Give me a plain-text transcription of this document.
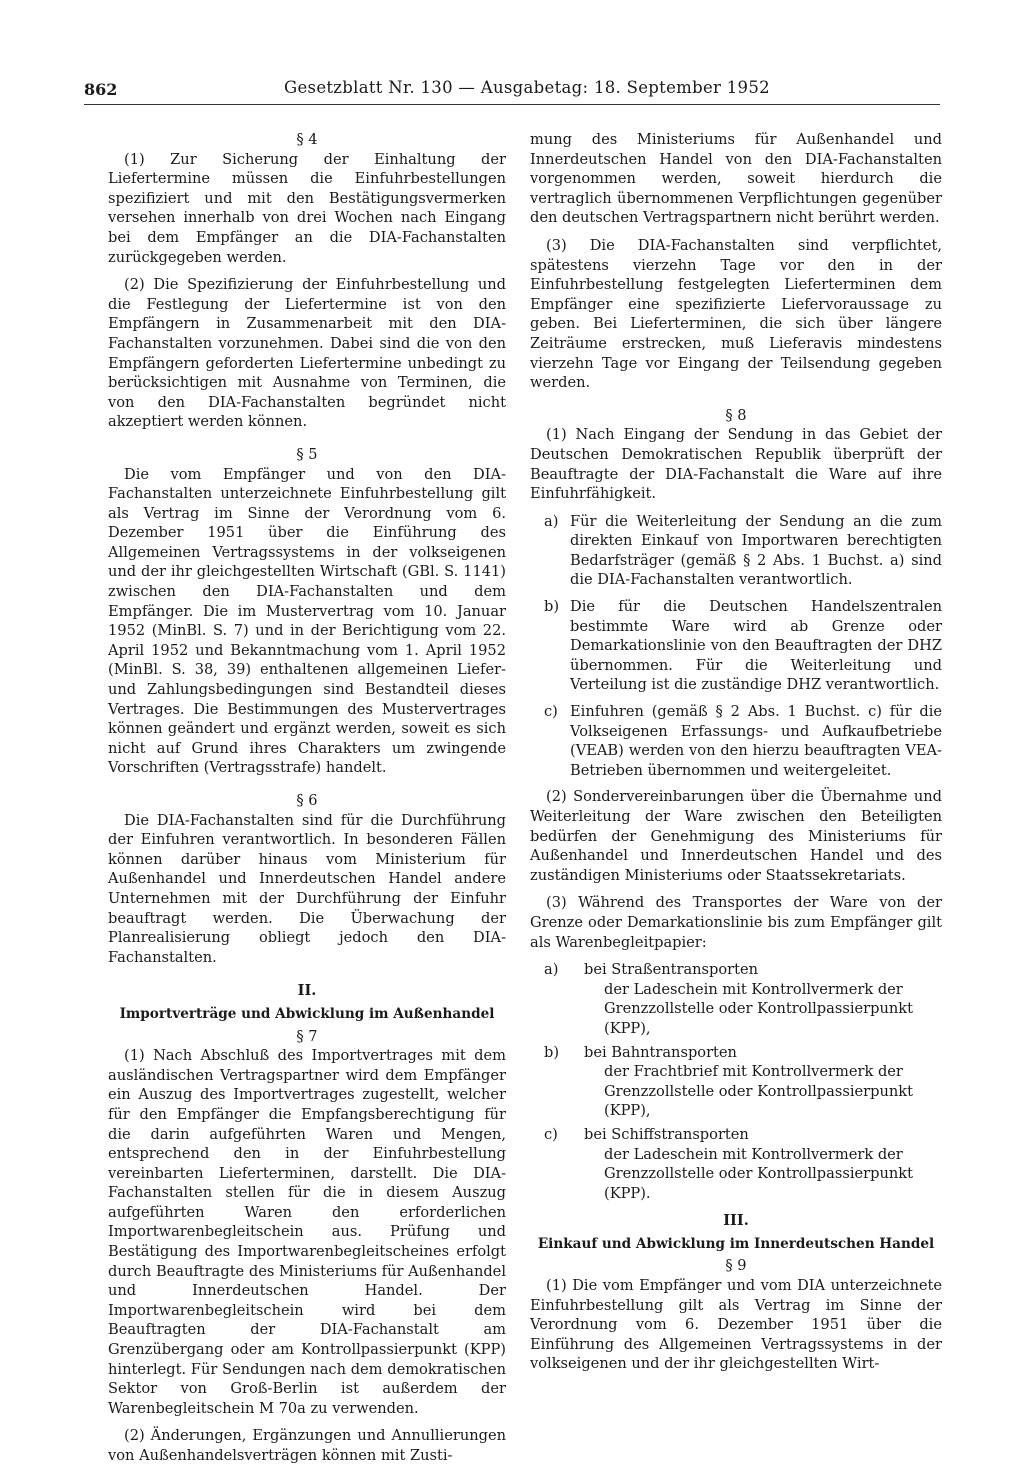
862	Gesetzblatt Nr. 130 — Ausgabetag: 18. September 1952
§ 4

(1) Zur Sicherung der Einhaltung der Liefertermine müssen die Einfuhrbestellungen spezifiziert und mit den Bestätigungsvermerken versehen innerhalb von drei Wochen nach Eingang bei dem Empfänger an die DIA-Fachanstalten zurückgegeben werden.

(2) Die Spezifizierung der Einfuhrbestellung und die Festlegung der Liefertermine ist von den Empfängern in Zusammenarbeit mit den DIA-Fachanstalten vorzunehmen. Dabei sind die von den Empfängern geforderten Liefertermine unbedingt zu berücksichtigen mit Ausnahme von Terminen, die von den DIA-Fachanstalten begründet nicht akzeptiert werden können.

§ 5

Die vom Empfänger und von den DIA-Fachanstalten unterzeichnete Einfuhrbestellung gilt als Vertrag im Sinne der Verordnung vom 6. Dezember 1951 über die Einführung des Allgemeinen Vertragssystems in der volkseigenen und der ihr gleichgestellten Wirtschaft (GBl. S. 1141) zwischen den DIA-Fachanstalten und dem Empfänger. Die im Mustervertrag vom 10. Januar 1952 (MinBl. S. 7) und in der Berichtigung vom 22. April 1952 und Bekanntmachung vom 1. April 1952 (MinBl. S. 38, 39) enthaltenen allgemeinen Liefer- und Zahlungsbedingungen sind Bestandteil dieses Vertrages. Die Bestimmungen des Mustervertrages können geändert und ergänzt werden, soweit es sich nicht auf Grund ihres Charakters um zwingende Vorschriften (Vertragsstrafe) handelt.

§ 6

Die DIA-Fachanstalten sind für die Durchführung der Einfuhren verantwortlich. In besonderen Fällen können darüber hinaus vom Ministerium für Außenhandel und Innerdeutschen Handel andere Unternehmen mit der Durchführung der Einfuhr beauftragt werden. Die Überwachung der Planrealisierung obliegt jedoch den DIA-Fachanstalten.

II.
Importverträge und Abwicklung im Außenhandel
§ 7

(1) Nach Abschluß des Importvertrages mit dem ausländischen Vertragspartner wird dem Empfänger ein Auszug des Importvertrages zugestellt, welcher für den Empfänger die Empfangsberechtigung für die darin aufgeführten Waren und Mengen, entsprechend den in der Einfuhrbestellung vereinbarten Lieferterminen, darstellt. Die DIA-Fachanstalten stellen für die in diesem Auszug aufgeführten Waren den erforderlichen Importwarenbegleitschein aus. Prüfung und Bestätigung des Importwarenbegleitscheines erfolgt durch Beauftragte des Ministeriums für Außenhandel und Innerdeutschen Handel. Der Importwarenbegleitschein wird bei dem Beauftragten der DIA-Fachanstalt am Grenzübergang oder am Kontrollpassierpunkt (KPP) hinterlegt. Für Sendungen nach dem demokratischen Sektor von Groß-Berlin ist außerdem der Warenbegleitschein M 70a zu verwenden.

(2) Änderungen, Ergänzungen und Annullierungen von Außenhandelsverträgen können mit Zusti-

mung des Ministeriums für Außenhandel und Innerdeutschen Handel von den DIA-Fachanstalten vorgenommen werden, soweit hierdurch die vertraglich übernommenen Verpflichtungen gegenüber den deutschen Vertragspartnern nicht berührt werden.

(3) Die DIA-Fachanstalten sind verpflichtet, spätestens vierzehn Tage vor den in der Einfuhrbestellung festgelegten Lieferterminen dem Empfänger eine spezifizierte Liefervoraussage zu geben. Bei Lieferterminen, die sich über längere Zeiträume erstrecken, muß Lieferavis mindestens vierzehn Tage vor Eingang der Teilsendung gegeben werden.

§ 8

(1) Nach Eingang der Sendung in das Gebiet der Deutschen Demokratischen Republik überprüft der Beauftragte der DIA-Fachanstalt die Ware auf ihre Einfuhrfähigkeit.

a) Für die Weiterleitung der Sendung an die zum direkten Einkauf von Importwaren berechtigten Bedarfsträger (gemäß § 2 Abs. 1 Buchst. a) sind die DIA-Fachanstalten verantwortlich.
b) Die für die Deutschen Handelszentralen bestimmte Ware wird ab Grenze oder Demarkationslinie von den Beauftragten der DHZ übernommen. Für die Weiterleitung und Verteilung ist die zuständige DHZ verantwortlich.
c) Einfuhren (gemäß § 2 Abs. 1 Buchst. c) für die Volkseigenen Erfassungs- und Aufkaufbetriebe (VEAB) werden von den hierzu beauftragten VEA-Betrieben übernommen und weitergeleitet.

(2) Sondervereinbarungen über die Übernahme und Weiterleitung der Ware zwischen den Beteiligten bedürfen der Genehmigung des Ministeriums für Außenhandel und Innerdeutschen Handel und des zuständigen Ministeriums oder Staatssekretariats.

(3) Während des Transportes der Ware von der Grenze oder Demarkationslinie bis zum Empfänger gilt als Warenbegleitpapier:

a) bei Straßentransporten
der Ladeschein mit Kontrollvermerk der Grenzzollstelle oder Kontrollpassierpunkt (KPP),
b) bei Bahntransporten
der Frachtbrief mit Kontrollvermerk der Grenzzollstelle oder Kontrollpassierpunkt (KPP),
c) bei Schiffstransporten
der Ladeschein mit Kontrollvermerk der Grenzzollstelle oder Kontrollpassierpunkt (KPP).
III.
Einkauf und Abwicklung im Innerdeutschen Handel
§ 9

(1) Die vom Empfänger und vom DIA unterzeichnete Einfuhrbestellung gilt als Vertrag im Sinne der Verordnung vom 6. Dezember 1951 über die Einführung des Allgemeinen Vertragssystems in der volkseigenen und der ihr gleichgestellten Wirt-
